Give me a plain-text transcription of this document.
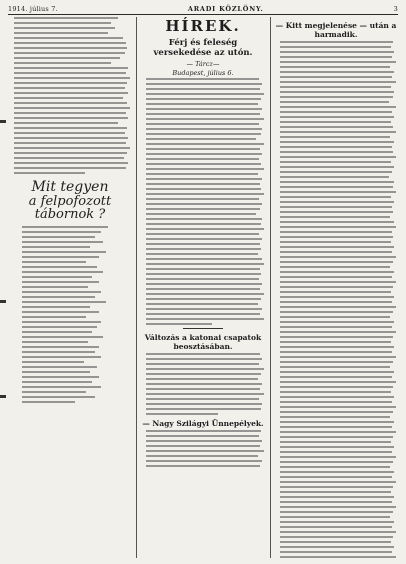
1914. július 7.	ARADI KÖZLÖNY.	3
Mit tegyen
a felpofozott tábornok ?
HÍREK.
Férj és feleség versekedése az utón.
— Tárcz—
Budapest, július 6.
Változás a katonai csapatok beosztásában.
— Nagy Szilágyi Ünnepélyek.
— Kitt megjelenése — után a harmadik.
